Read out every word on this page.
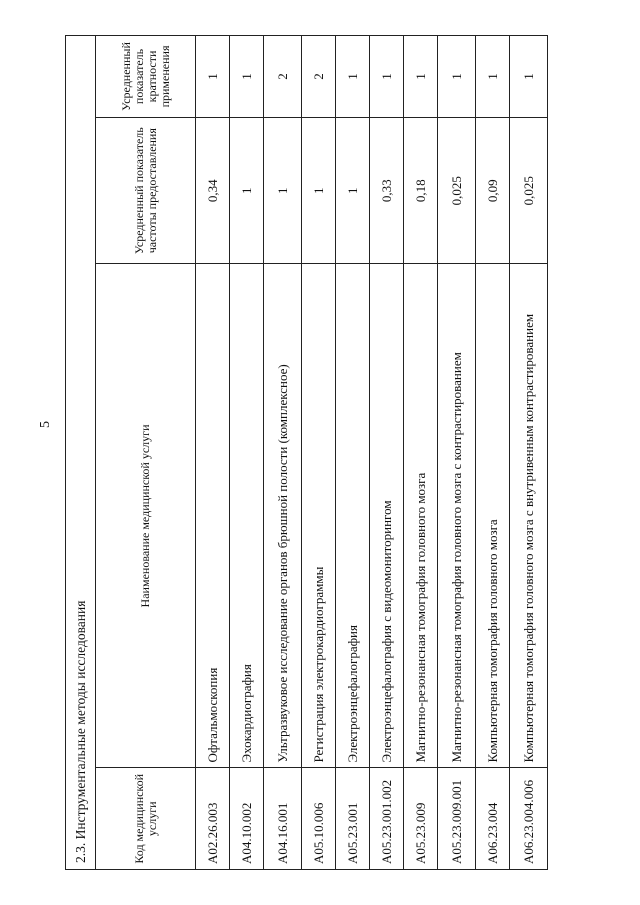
5
2.3. Инструментальные методы исследования			
Код медицинской услуги	Наименование медицинской услуги	Усредненный показатель частоты предоставления	Усредненный показатель кратности применения
А02.26.003	Офтальмоскопия	0,34	1
А04.10.002	Эхокардиография	1	1
А04.16.001	Ультразвуковое исследование органов брюшной полости (комплексное)	1	2
А05.10.006	Регистрация электрокардиограммы	1	2
А05.23.001	Электроэнцефалография	1	1
А05.23.001.002	Электроэнцефалография с видеомониторингом	0,33	1
А05.23.009	Магнитно-резонансная томография головного мозга	0,18	1
А05.23.009.001	Магнитно-резонансная томография головного мозга с контрастированием	0,025	1
А06.23.004	Компьютерная томография головного мозга	0,09	1
А06.23.004.006	Компьютерная томография головного мозга с внутривенным контрастированием	0,025	1
